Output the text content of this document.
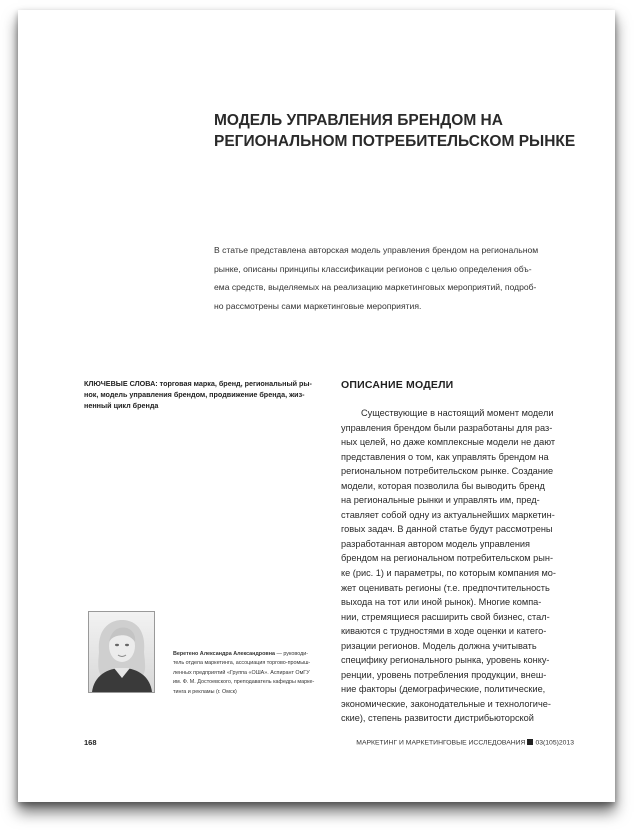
МОДЕЛЬ УПРАВЛЕНИЯ БРЕНДОМ НА
РЕГИОНАЛЬНОМ ПОТРЕБИТЕЛЬСКОМ РЫНКЕ
В статье представлена авторская модель управления брендом на региональном
рынке, описаны принципы классификации регионов с целью определения объ-
ема средств, выделяемых на реализацию маркетинговых мероприятий, подроб-
но рассмотрены сами маркетинговые мероприятия.
КЛЮЧЕВЫЕ СЛОВА: торговая марка, бренд, региональный ры-
нок, модель управления брендом, продвижение бренда, жиз-
ненный цикл бренда
ОПИСАНИЕ МОДЕЛИ
Существующие в настоящий момент модели
управления брендом были разработаны для раз-
ных целей, но даже комплексные модели не дают
представления о том, как управлять брендом на
региональном потребительском рынке. Создание
модели, которая позволила бы выводить бренд
на региональные рынки и управлять им, пред-
ставляет собой одну из актуальнейших маркетин-
говых задач. В данной статье будут рассмотрены
разработанная автором модель управления
брендом на региональном потребительском рын-
ке (рис. 1) и параметры, по которым компания мо-
жет оценивать регионы (т.е. предпочтительность
выхода на тот или иной рынок). Многие компа-
нии, стремящиеся расширить свой бизнес, стал-
киваются с трудностями в ходе оценки и катего-
ризации регионов. Модель должна учитывать
специфику регионального рынка, уровень конку-
ренции, уровень потребления продукции, внеш-
ние факторы (демографические, политические,
экономические, законодательные и технологиче-
ские), степень развитости дистрибьюторской
Веретено Александра Александровна — руководи-
тель отдела маркетинга, ассоциация торгово-промыш-
ленных предприятий «Группа «ОША». Аспирант ОмГУ
им. Ф. М. Достоевского, преподаватель кафедры марке-
тинга и рекламы (г. Омск)
168	МАРКЕТИНГ И МАРКЕТИНГОВЫЕ ИССЛЕДОВАНИЯ 03(105)2013
